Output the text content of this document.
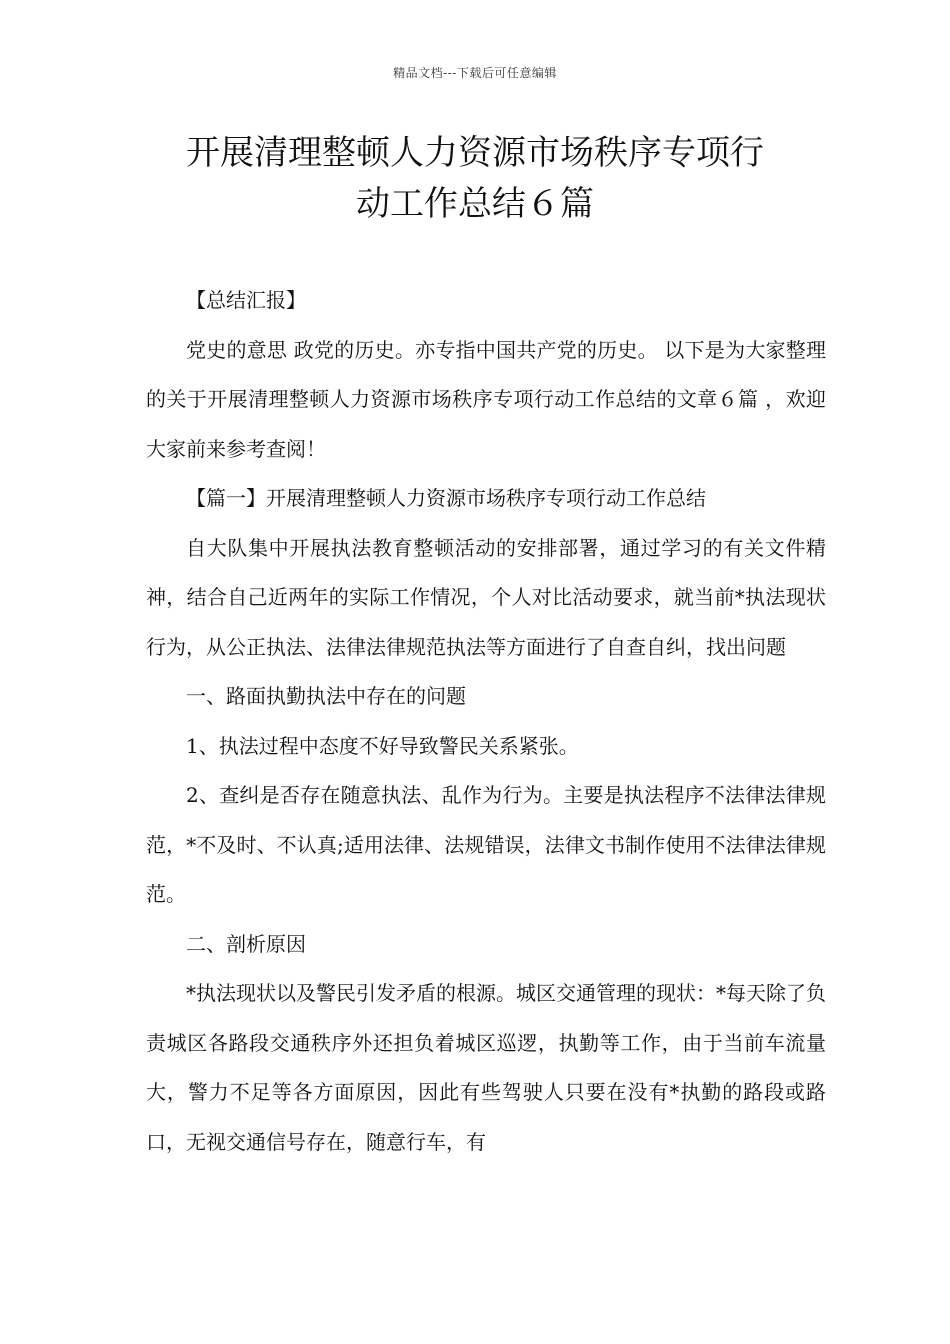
精品文档---下载后可任意编辑
开展清理整顿人力资源市场秩序专项行
动工作总结６篇

【总结汇报】

党史的意思 政党的历史。亦专指中国共产党的历史。 以下是为大家整理的关于开展清理整顿人力资源市场秩序专项行动工作总结的文章６篇 ，欢迎大家前来参考查阅！

【篇一】开展清理整顿人力资源市场秩序专项行动工作总结

自大队集中开展执法教育整顿活动的安排部署，通过学习的有关文件精神，结合自己近两年的实际工作情况，个人对比活动要求，就当前*执法现状行为，从公正执法、法律法律规范执法等方面进行了自查自纠，找出问题

一、路面执勤执法中存在的问题

1、执法过程中态度不好导致警民关系紧张。

2、查纠是否存在随意执法、乱作为行为。主要是执法程序不法律法律规范，*不及时、不认真;适用法律、法规错误，法律文书制作使用不法律法律规范。

二、剖析原因

*执法现状以及警民引发矛盾的根源。城区交通管理的现状：*每天除了负责城区各路段交通秩序外还担负着城区巡逻，执勤等工作，由于当前车流量大，警力不足等各方面原因，因此有些驾驶人只要在没有*执勤的路段或路口，无视交通信号存在，随意行车，有
